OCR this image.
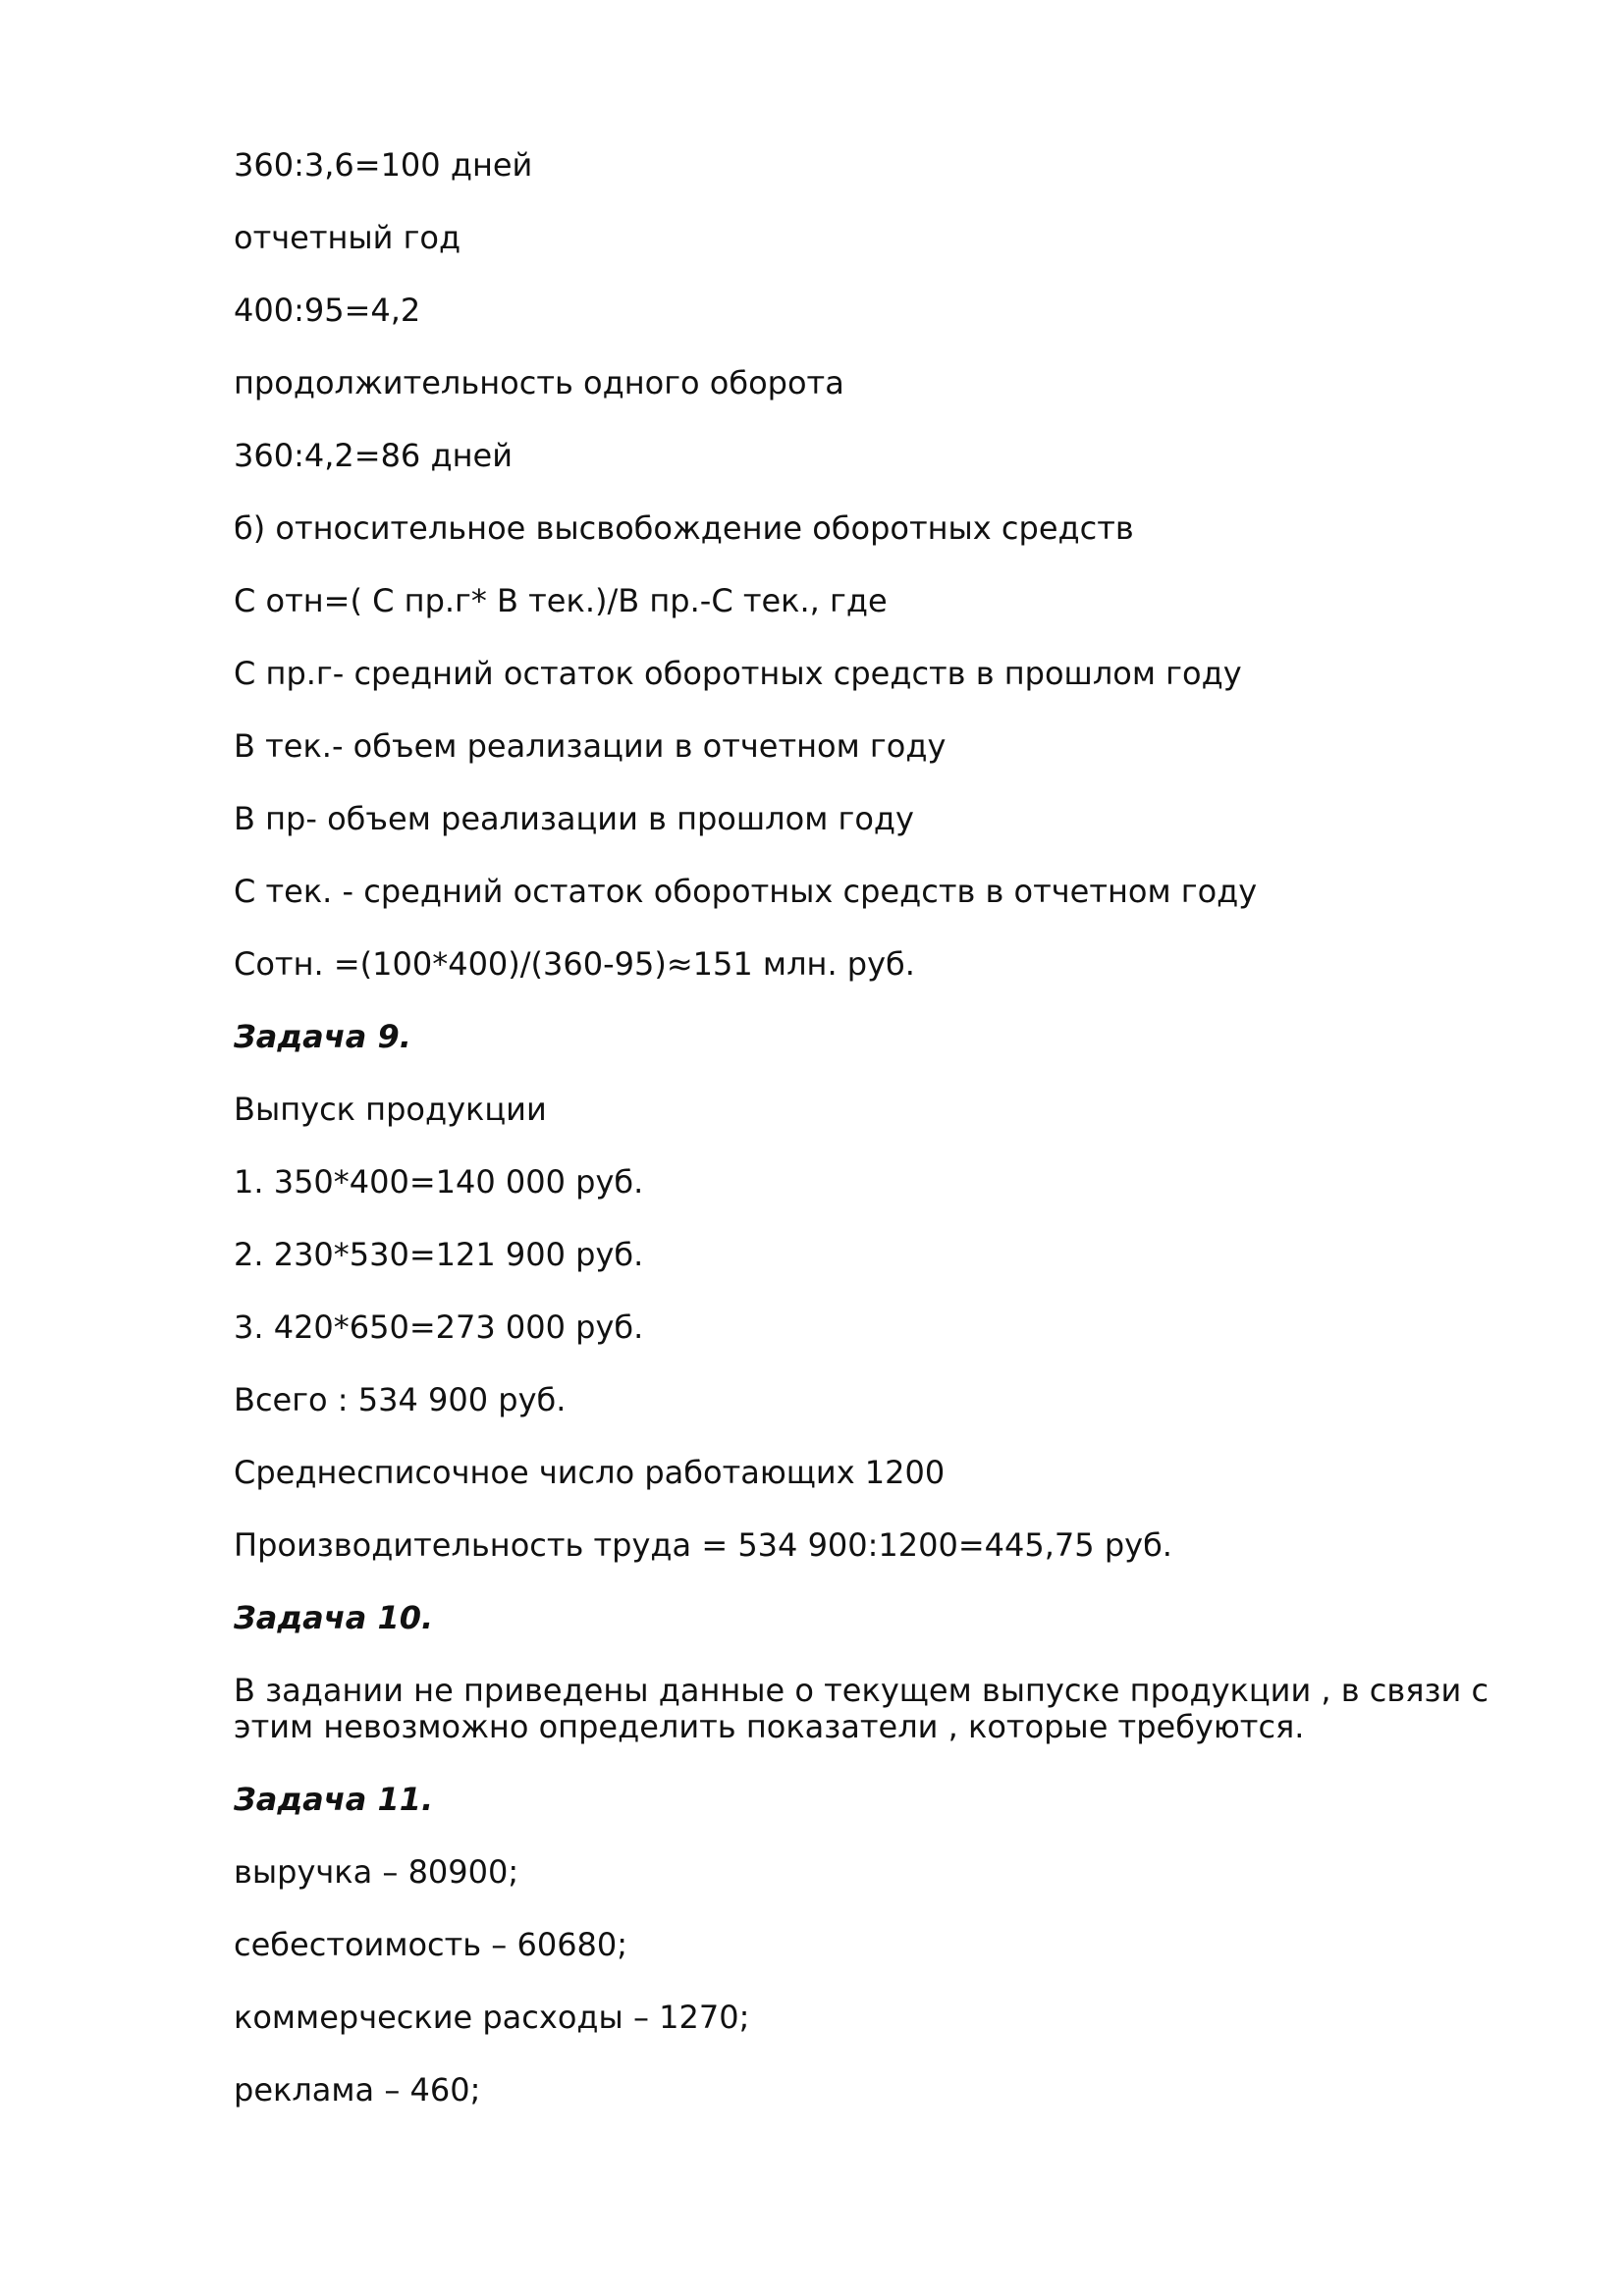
360:3,6=100 дней

отчетный год

400:95=4,2

продолжительность одного оборота

360:4,2=86 дней

б) относительное высвобождение оборотных средств

С отн=( С пр.г* В тек.)/В пр.-С тек., где

С пр.г- средний остаток оборотных средств в прошлом году

В тек.- объем реализации в отчетном году

В пр- объем реализации в прошлом году

С тек. - средний остаток оборотных средств в отчетном году

Сотн. =(100*400)/(360-95)≈151 млн. руб.

Задача 9.

Выпуск продукции

1. 350*400=140 000 руб.

2. 230*530=121 900 руб.

3. 420*650=273 000 руб.

Всего : 534 900 руб.

Среднесписочное число работающих 1200

Производительность труда = 534 900:1200=445,75 руб.

Задача 10.

В задании не приведены данные о текущем выпуске продукции , в связи с этим невозможно определить показатели , которые требуются.

Задача 11.

выручка – 80900;

себестоимость – 60680;

коммерческие расходы – 1270;

реклама – 460;
